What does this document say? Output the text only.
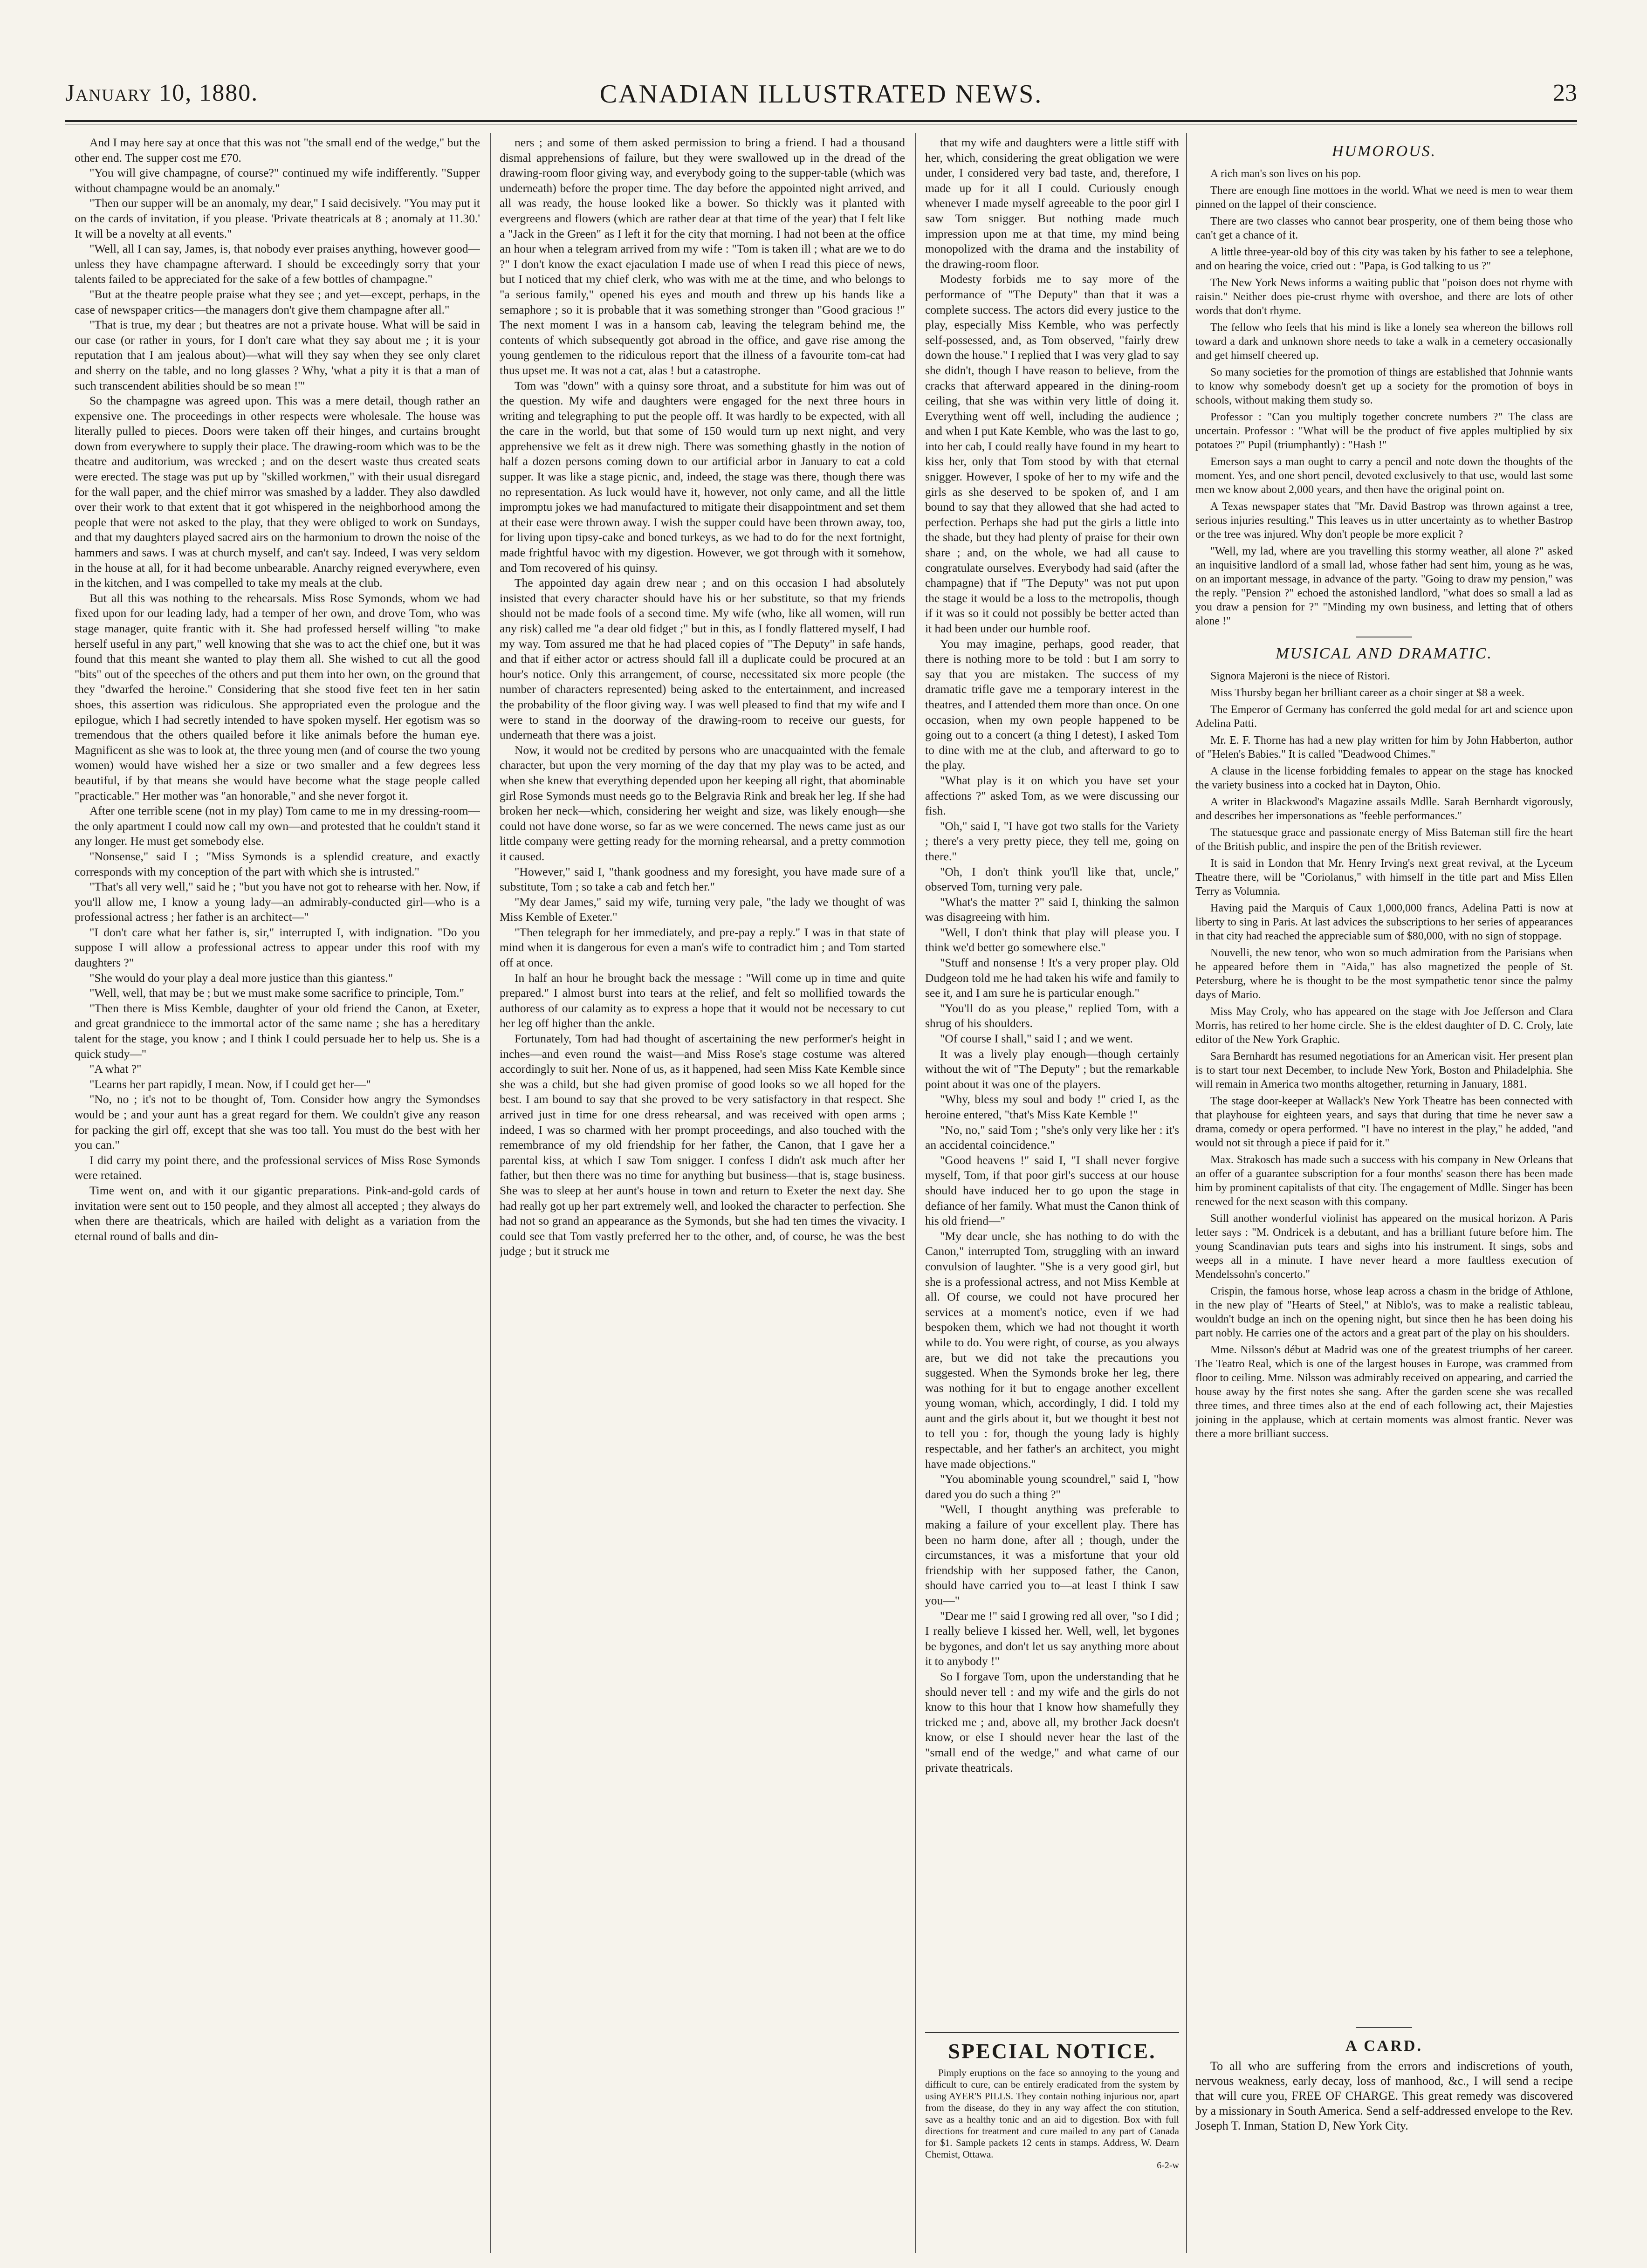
January 10, 1880.	CANADIAN ILLUSTRATED NEWS.	23

And I may here say at once that this was not "the small end of the wedge," but the other end. The supper cost me £70.

"You will give champagne, of course?" continued my wife indifferently. "Supper without champagne would be an anomaly."

"Then our supper will be an anomaly, my dear," I said decisively. "You may put it on the cards of invitation, if you please. 'Private theatricals at 8 ; anomaly at 11.30.' It will be a novelty at all events."

"Well, all I can say, James, is, that nobody ever praises anything, however good—unless they have champagne afterward. I should be exceedingly sorry that your talents failed to be appreciated for the sake of a few bottles of champagne."

"But at the theatre people praise what they see ; and yet—except, perhaps, in the case of newspaper critics—the managers don't give them champagne after all."

"That is true, my dear ; but theatres are not a private house. What will be said in our case (or rather in yours, for I don't care what they say about me ; it is your reputation that I am jealous about)—what will they say when they see only claret and sherry on the table, and no long glasses ? Why, 'what a pity it is that a man of such transcendent abilities should be so mean !'"

So the champagne was agreed upon. This was a mere detail, though rather an expensive one. The proceedings in other respects were wholesale. The house was literally pulled to pieces. Doors were taken off their hinges, and curtains brought down from everywhere to supply their place. The drawing-room which was to be the theatre and auditorium, was wrecked ; and on the desert waste thus created seats were erected. The stage was put up by "skilled workmen," with their usual disregard for the wall paper, and the chief mirror was smashed by a ladder. They also dawdled over their work to that extent that it got whispered in the neighborhood among the people that were not asked to the play, that they were obliged to work on Sundays, and that my daughters played sacred airs on the harmonium to drown the noise of the hammers and saws. I was at church myself, and can't say. Indeed, I was very seldom in the house at all, for it had become unbearable. Anarchy reigned everywhere, even in the kitchen, and I was compelled to take my meals at the club.

But all this was nothing to the rehearsals. Miss Rose Symonds, whom we had fixed upon for our leading lady, had a temper of her own, and drove Tom, who was stage manager, quite frantic with it. She had professed herself willing "to make herself useful in any part," well knowing that she was to act the chief one, but it was found that this meant she wanted to play them all. She wished to cut all the good "bits" out of the speeches of the others and put them into her own, on the ground that they "dwarfed the heroine." Considering that she stood five feet ten in her satin shoes, this assertion was ridiculous. She appropriated even the prologue and the epilogue, which I had secretly intended to have spoken myself. Her egotism was so tremendous that the others quailed before it like animals before the human eye. Magnificent as she was to look at, the three young men (and of course the two young women) would have wished her a size or two smaller and a few degrees less beautiful, if by that means she would have become what the stage people called "practicable." Her mother was "an honorable," and she never forgot it.

After one terrible scene (not in my play) Tom came to me in my dressing-room—the only apartment I could now call my own—and protested that he couldn't stand it any longer. He must get somebody else.

"Nonsense," said I ; "Miss Symonds is a splendid creature, and exactly corresponds with my conception of the part with which she is intrusted."

"That's all very well," said he ; "but you have not got to rehearse with her. Now, if you'll allow me, I know a young lady—an admirably-conducted girl—who is a professional actress ; her father is an architect—"

"I don't care what her father is, sir," interrupted I, with indignation. "Do you suppose I will allow a professional actress to appear under this roof with my daughters ?"

"She would do your play a deal more justice than this giantess."

"Well, well, that may be ; but we must make some sacrifice to principle, Tom."

"Then there is Miss Kemble, daughter of your old friend the Canon, at Exeter, and great grandniece to the immortal actor of the same name ; she has a hereditary talent for the stage, you know ; and I think I could persuade her to help us. She is a quick study—"

"A what ?"

"Learns her part rapidly, I mean. Now, if I could get her—"

"No, no ; it's not to be thought of, Tom. Consider how angry the Symondses would be ; and your aunt has a great regard for them. We couldn't give any reason for packing the girl off, except that she was too tall. You must do the best with her you can."

I did carry my point there, and the professional services of Miss Rose Symonds were retained.

Time went on, and with it our gigantic preparations. Pink-and-gold cards of invitation were sent out to 150 people, and they almost all accepted ; they always do when there are theatricals, which are hailed with delight as a variation from the eternal round of balls and din-

ners ; and some of them asked permission to bring a friend. I had a thousand dismal apprehensions of failure, but they were swallowed up in the dread of the drawing-room floor giving way, and everybody going to the supper-table (which was underneath) before the proper time. The day before the appointed night arrived, and all was ready, the house looked like a bower. So thickly was it planted with evergreens and flowers (which are rather dear at that time of the year) that I felt like a "Jack in the Green" as I left it for the city that morning. I had not been at the office an hour when a telegram arrived from my wife : "Tom is taken ill ; what are we to do ?" I don't know the exact ejaculation I made use of when I read this piece of news, but I noticed that my chief clerk, who was with me at the time, and who belongs to "a serious family," opened his eyes and mouth and threw up his hands like a semaphore ; so it is probable that it was something stronger than "Good gracious !" The next moment I was in a hansom cab, leaving the telegram behind me, the contents of which subsequently got abroad in the office, and gave rise among the young gentlemen to the ridiculous report that the illness of a favourite tom-cat had thus upset me. It was not a cat, alas ! but a catastrophe.

Tom was "down" with a quinsy sore throat, and a substitute for him was out of the question. My wife and daughters were engaged for the next three hours in writing and telegraphing to put the people off. It was hardly to be expected, with all the care in the world, but that some of 150 would turn up next night, and very apprehensive we felt as it drew nigh. There was something ghastly in the notion of half a dozen persons coming down to our artificial arbor in January to eat a cold supper. It was like a stage picnic, and, indeed, the stage was there, though there was no representation. As luck would have it, however, not only came, and all the little impromptu jokes we had manufactured to mitigate their disappointment and set them at their ease were thrown away. I wish the supper could have been thrown away, too, for living upon tipsy-cake and boned turkeys, as we had to do for the next fortnight, made frightful havoc with my digestion. However, we got through with it somehow, and Tom recovered of his quinsy.

The appointed day again drew near ; and on this occasion I had absolutely insisted that every character should have his or her substitute, so that my friends should not be made fools of a second time. My wife (who, like all women, will run any risk) called me "a dear old fidget ;" but in this, as I fondly flattered myself, I had my way. Tom assured me that he had placed copies of "The Deputy" in safe hands, and that if either actor or actress should fall ill a duplicate could be procured at an hour's notice. Only this arrangement, of course, necessitated six more people (the number of characters represented) being asked to the entertainment, and increased the probability of the floor giving way. I was well pleased to find that my wife and I were to stand in the doorway of the drawing-room to receive our guests, for underneath that there was a joist.

Now, it would not be credited by persons who are unacquainted with the female character, but upon the very morning of the day that my play was to be acted, and when she knew that everything depended upon her keeping all right, that abominable girl Rose Symonds must needs go to the Belgravia Rink and break her leg. If she had broken her neck—which, considering her weight and size, was likely enough—she could not have done worse, so far as we were concerned. The news came just as our little company were getting ready for the morning rehearsal, and a pretty commotion it caused.

"However," said I, "thank goodness and my foresight, you have made sure of a substitute, Tom ; so take a cab and fetch her."

"My dear James," said my wife, turning very pale, "the lady we thought of was Miss Kemble of Exeter."

"Then telegraph for her immediately, and pre-pay a reply." I was in that state of mind when it is dangerous for even a man's wife to contradict him ; and Tom started off at once.

In half an hour he brought back the message : "Will come up in time and quite prepared." I almost burst into tears at the relief, and felt so mollified towards the authoress of our calamity as to express a hope that it would not be necessary to cut her leg off higher than the ankle.

Fortunately, Tom had had thought of ascertaining the new performer's height in inches—and even round the waist—and Miss Rose's stage costume was altered accordingly to suit her. None of us, as it happened, had seen Miss Kate Kemble since she was a child, but she had given promise of good looks so we all hoped for the best. I am bound to say that she proved to be very satisfactory in that respect. She arrived just in time for one dress rehearsal, and was received with open arms ; indeed, I was so charmed with her prompt proceedings, and also touched with the remembrance of my old friendship for her father, the Canon, that I gave her a parental kiss, at which I saw Tom snigger. I confess I didn't ask much after her father, but then there was no time for anything but business—that is, stage business. She was to sleep at her aunt's house in town and return to Exeter the next day. She had really got up her part extremely well, and looked the character to perfection. She had not so grand an appearance as the Symonds, but she had ten times the vivacity. I could see that Tom vastly preferred her to the other, and, of course, he was the best judge ; but it struck me

that my wife and daughters were a little stiff with her, which, considering the great obligation we were under, I considered very bad taste, and, therefore, I made up for it all I could. Curiously enough whenever I made myself agreeable to the poor girl I saw Tom snigger. But nothing made much impression upon me at that time, my mind being monopolized with the drama and the instability of the drawing-room floor.

Modesty forbids me to say more of the performance of "The Deputy" than that it was a complete success. The actors did every justice to the play, especially Miss Kemble, who was perfectly self-possessed, and, as Tom observed, "fairly drew down the house." I replied that I was very glad to say she didn't, though I have reason to believe, from the cracks that afterward appeared in the dining-room ceiling, that she was within very little of doing it. Everything went off well, including the audience ; and when I put Kate Kemble, who was the last to go, into her cab, I could really have found in my heart to kiss her, only that Tom stood by with that eternal snigger. However, I spoke of her to my wife and the girls as she deserved to be spoken of, and I am bound to say that they allowed that she had acted to perfection. Perhaps she had put the girls a little into the shade, but they had plenty of praise for their own share ; and, on the whole, we had all cause to congratulate ourselves. Everybody had said (after the champagne) that if "The Deputy" was not put upon the stage it would be a loss to the metropolis, though if it was so it could not possibly be better acted than it had been under our humble roof.

You may imagine, perhaps, good reader, that there is nothing more to be told : but I am sorry to say that you are mistaken. The success of my dramatic trifle gave me a temporary interest in the theatres, and I attended them more than once. On one occasion, when my own people happened to be going out to a concert (a thing I detest), I asked Tom to dine with me at the club, and afterward to go to the play.

"What play is it on which you have set your affections ?" asked Tom, as we were discussing our fish.

"Oh," said I, "I have got two stalls for the Variety ; there's a very pretty piece, they tell me, going on there."

"Oh, I don't think you'll like that, uncle," observed Tom, turning very pale.

"What's the matter ?" said I, thinking the salmon was disagreeing with him.

"Well, I don't think that play will please you. I think we'd better go somewhere else."

"Stuff and nonsense ! It's a very proper play. Old Dudgeon told me he had taken his wife and family to see it, and I am sure he is particular enough."

"You'll do as you please," replied Tom, with a shrug of his shoulders.

"Of course I shall," said I ; and we went.

It was a lively play enough—though certainly without the wit of "The Deputy" ; but the remarkable point about it was one of the players.

"Why, bless my soul and body !" cried I, as the heroine entered, "that's Miss Kate Kemble !"

"No, no," said Tom ; "she's only very like her : it's an accidental coincidence."

"Good heavens !" said I, "I shall never forgive myself, Tom, if that poor girl's success at our house should have induced her to go upon the stage in defiance of her family. What must the Canon think of his old friend—"

"My dear uncle, she has nothing to do with the Canon," interrupted Tom, struggling with an inward convulsion of laughter. "She is a very good girl, but she is a professional actress, and not Miss Kemble at all. Of course, we could not have procured her services at a moment's notice, even if we had bespoken them, which we had not thought it worth while to do. You were right, of course, as you always are, but we did not take the precautions you suggested. When the Symonds broke her leg, there was nothing for it but to engage another excellent young woman, which, accordingly, I did. I told my aunt and the girls about it, but we thought it best not to tell you : for, though the young lady is highly respectable, and her father's an architect, you might have made objections."

"You abominable young scoundrel," said I, "how dared you do such a thing ?"

"Well, I thought anything was preferable to making a failure of your excellent play. There has been no harm done, after all ; though, under the circumstances, it was a misfortune that your old friendship with her supposed father, the Canon, should have carried you to—at least I think I saw you—"

"Dear me !" said I growing red all over, "so I did ; I really believe I kissed her. Well, well, let bygones be bygones, and don't let us say anything more about it to anybody !"

So I forgave Tom, upon the understanding that he should never tell : and my wife and the girls do not know to this hour that I know how shamefully they tricked me ; and, above all, my brother Jack doesn't know, or else I should never hear the last of the "small end of the wedge," and what came of our private theatricals.

SPECIAL NOTICE.
Pimply eruptions on the face so annoying to the young and difficult to cure, can be entirely eradicated from the system by using AYER'S PILLS. They contain nothing injurious nor, apart from the disease, do they in any way affect the con stitution, save as a healthy tonic and an aid to digestion. Box with full directions for treatment and cure mailed to any part of Canada for $1. Sample packets 12 cents in stamps. Address, W. Dearn Chemist, Ottawa.
6-2-w
HUMOROUS.

A rich man's son lives on his pop.

There are enough fine mottoes in the world. What we need is men to wear them pinned on the lappel of their conscience.

There are two classes who cannot bear prosperity, one of them being those who can't get a chance of it.

A little three-year-old boy of this city was taken by his father to see a telephone, and on hearing the voice, cried out : "Papa, is God talking to us ?"

The New York News informs a waiting public that "poison does not rhyme with raisin." Neither does pie-crust rhyme with overshoe, and there are lots of other words that don't rhyme.

The fellow who feels that his mind is like a lonely sea whereon the billows roll toward a dark and unknown shore needs to take a walk in a cemetery occasionally and get himself cheered up.

So many societies for the promotion of things are established that Johnnie wants to know why somebody doesn't get up a society for the promotion of boys in schools, without making them study so.

Professor : "Can you multiply together concrete numbers ?" The class are uncertain. Professor : "What will be the product of five apples multiplied by six potatoes ?" Pupil (triumphantly) : "Hash !"

Emerson says a man ought to carry a pencil and note down the thoughts of the moment. Yes, and one short pencil, devoted exclusively to that use, would last some men we know about 2,000 years, and then have the original point on.

A Texas newspaper states that "Mr. David Bastrop was thrown against a tree, serious injuries resulting." This leaves us in utter uncertainty as to whether Bastrop or the tree was injured. Why don't people be more explicit ?

"Well, my lad, where are you travelling this stormy weather, all alone ?" asked an inquisitive landlord of a small lad, whose father had sent him, young as he was, on an important message, in advance of the party. "Going to draw my pension," was the reply. "Pension ?" echoed the astonished landlord, "what does so small a lad as you draw a pension for ?" "Minding my own business, and letting that of others alone !"

MUSICAL AND DRAMATIC.

Signora Majeroni is the niece of Ristori.

Miss Thursby began her brilliant career as a choir singer at $8 a week.

The Emperor of Germany has conferred the gold medal for art and science upon Adelina Patti.

Mr. E. F. Thorne has had a new play written for him by John Habberton, author of "Helen's Babies." It is called "Deadwood Chimes."

A clause in the license forbidding females to appear on the stage has knocked the variety business into a cocked hat in Dayton, Ohio.

A writer in Blackwood's Magazine assails Mdlle. Sarah Bernhardt vigorously, and describes her impersonations as "feeble performances."

The statuesque grace and passionate energy of Miss Bateman still fire the heart of the British public, and inspire the pen of the British reviewer.

It is said in London that Mr. Henry Irving's next great revival, at the Lyceum Theatre there, will be "Coriolanus," with himself in the title part and Miss Ellen Terry as Volumnia.

Having paid the Marquis of Caux 1,000,000 francs, Adelina Patti is now at liberty to sing in Paris. At last advices the subscriptions to her series of appearances in that city had reached the appreciable sum of $80,000, with no sign of stoppage.

Nouvelli, the new tenor, who won so much admiration from the Parisians when he appeared before them in "Aida," has also magnetized the people of St. Petersburg, where he is thought to be the most sympathetic tenor since the palmy days of Mario.

Miss May Croly, who has appeared on the stage with Joe Jefferson and Clara Morris, has retired to her home circle. She is the eldest daughter of D. C. Croly, late editor of the New York Graphic.

Sara Bernhardt has resumed negotiations for an American visit. Her present plan is to start tour next December, to include New York, Boston and Philadelphia. She will remain in America two months altogether, returning in January, 1881.

The stage door-keeper at Wallack's New York Theatre has been connected with that playhouse for eighteen years, and says that during that time he never saw a drama, comedy or opera performed. "I have no interest in the play," he added, "and would not sit through a piece if paid for it."

Max. Strakosch has made such a success with his company in New Orleans that an offer of a guarantee subscription for a four months' season there has been made him by prominent capitalists of that city. The engagement of Mdlle. Singer has been renewed for the next season with this company.

Still another wonderful violinist has appeared on the musical horizon. A Paris letter says : "M. Ondricek is a debutant, and has a brilliant future before him. The young Scandinavian puts tears and sighs into his instrument. It sings, sobs and weeps all in a minute. I have never heard a more faultless execution of Mendelssohn's concerto."

Crispin, the famous horse, whose leap across a chasm in the bridge of Athlone, in the new play of "Hearts of Steel," at Niblo's, was to make a realistic tableau, wouldn't budge an inch on the opening night, but since then he has been doing his part nobly. He carries one of the actors and a great part of the play on his shoulders.

Mme. Nilsson's début at Madrid was one of the greatest triumphs of her career. The Teatro Real, which is one of the largest houses in Europe, was crammed from floor to ceiling. Mme. Nilsson was admirably received on appearing, and carried the house away by the first notes she sang. After the garden scene she was recalled three times, and three times also at the end of each following act, their Majesties joining in the applause, which at certain moments was almost frantic. Never was there a more brilliant success.

A CARD.
To all who are suffering from the errors and indiscretions of youth, nervous weakness, early decay, loss of manhood, &c., I will send a recipe that will cure you, FREE OF CHARGE. This great remedy was discovered by a missionary in South America. Send a self-addressed envelope to the Rev. Joseph T. Inman, Station D, New York City.
